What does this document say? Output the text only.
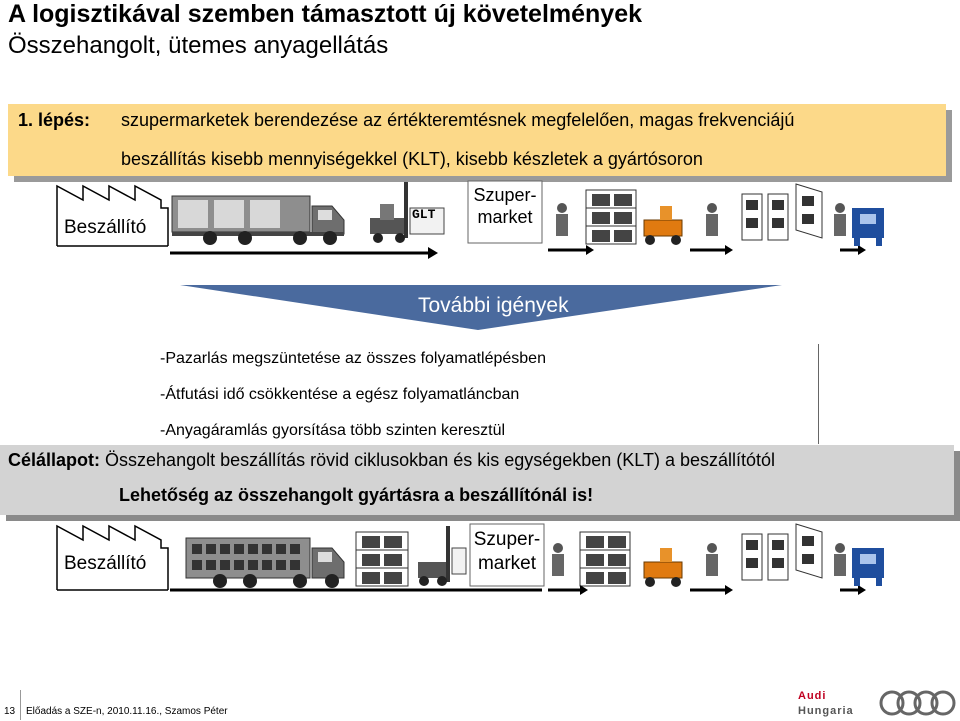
A logisztikával szemben támasztott új követelmények
Összehangolt, ütemes anyagellátás
1. lépés: szupermarketek berendezése az értékteremtésnek megfelelően, magas frekvenciájú
beszállítás kisebb mennyiségekkel (KLT), kisebb készletek a gyártósoron
Beszállító
GLT
Szuper-
market
További igények
-Pazarlás megszüntetése az összes folyamatlépésben
-Átfutási idő csökkentése a egész folyamatláncban
-Anyagáramlás gyorsítása több szinten keresztül
Célállapot: Összehangolt beszállítás rövid ciklusokban és kis egységekben (KLT) a beszállítótól
Lehetőség az összehangolt gyártásra a beszállítónál is!
Beszállító
Szuper-
market
13 Előadás a SZE-n, 2010.11.16., Szamos Péter
Audi
Hungaria
